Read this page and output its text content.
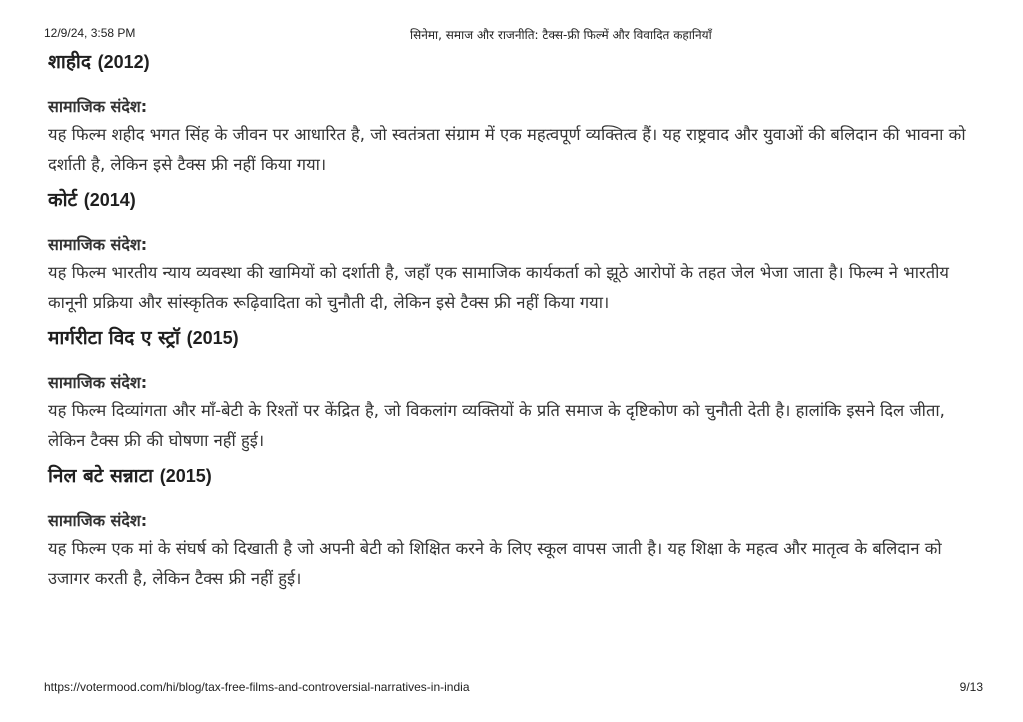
12/9/24, 3:58 PM	सिनेमा, समाज और राजनीति: टैक्स-फ्री फिल्में और विवादित कहानियाँ
शाहीद (2012)
सामाजिक संदेश:

यह फिल्म शहीद भगत सिंह के जीवन पर आधारित है, जो स्वतंत्रता संग्राम में एक महत्वपूर्ण व्यक्तित्व हैं। यह राष्ट्रवाद और युवाओं की बलिदान की भावना को दर्शाती है, लेकिन इसे टैक्स फ्री नहीं किया गया।

कोर्ट (2014)
सामाजिक संदेश:

यह फिल्म भारतीय न्याय व्यवस्था की खामियों को दर्शाती है, जहाँ एक सामाजिक कार्यकर्ता को झूठे आरोपों के तहत जेल भेजा जाता है। फिल्म ने भारतीय कानूनी प्रक्रिया और सांस्कृतिक रूढ़िवादिता को चुनौती दी, लेकिन इसे टैक्स फ्री नहीं किया गया।

मार्गरीटा विद ए स्ट्रॉ (2015)
सामाजिक संदेश:

यह फिल्म दिव्यांगता और माँ-बेटी के रिश्तों पर केंद्रित है, जो विकलांग व्यक्तियों के प्रति समाज के दृष्टिकोण को चुनौती देती है। हालांकि इसने दिल जीता, लेकिन टैक्स फ्री की घोषणा नहीं हुई।

निल बटे सन्नाटा (2015)
सामाजिक संदेश:

यह फिल्म एक मां के संघर्ष को दिखाती है जो अपनी बेटी को शिक्षित करने के लिए स्कूल वापस जाती है। यह शिक्षा के महत्व और मातृत्व के बलिदान को उजागर करती है, लेकिन टैक्स फ्री नहीं हुई।

https://votermood.com/hi/blog/tax-free-films-and-controversial-narratives-in-india	9/13
